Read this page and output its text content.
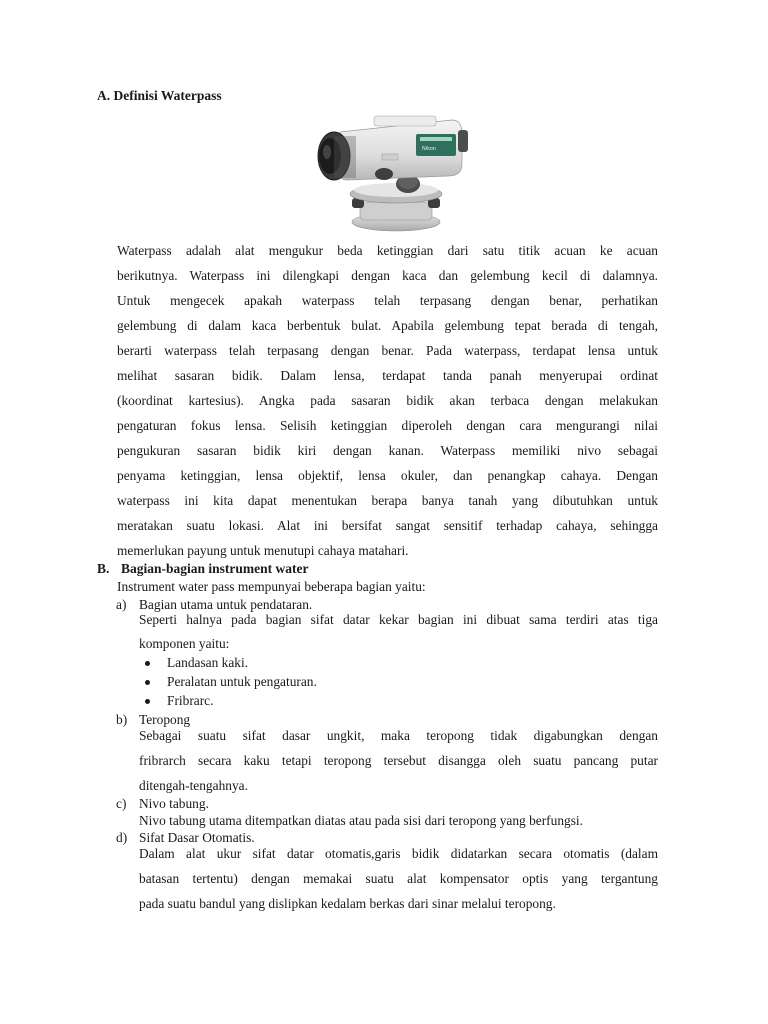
A. Definisi Waterpass
Nikon
Waterpass adalah alat mengukur beda ketinggian dari satu titik acuan ke acuan
berikutnya. Waterpass ini dilengkapi dengan kaca dan gelembung kecil di dalamnya.
Untuk mengecek apakah waterpass telah terpasang dengan benar, perhatikan
gelembung di dalam kaca berbentuk bulat. Apabila gelembung tepat berada di tengah,
berarti waterpass telah terpasang dengan benar. Pada waterpass, terdapat lensa untuk
melihat sasaran bidik. Dalam lensa, terdapat tanda panah menyerupai ordinat
(koordinat kartesius). Angka pada sasaran bidik akan terbaca dengan melakukan
pengaturan fokus lensa. Selisih ketinggian diperoleh dengan cara mengurangi nilai
pengukuran sasaran bidik kiri dengan kanan. Waterpass memiliki nivo sebagai
penyama ketinggian, lensa objektif, lensa okuler, dan penangkap cahaya. Dengan
waterpass ini kita dapat menentukan berapa banya tanah yang dibutuhkan untuk
meratakan suatu lokasi. Alat ini bersifat sangat sensitif terhadap cahaya, sehingga
memerlukan payung untuk menutupi cahaya matahari.
B. Bagian-bagian instrument water
Instrument water pass mempunyai beberapa bagian yaitu:
a) Bagian utama untuk pendataran.
Seperti halnya pada bagian sifat datar kekar bagian ini dibuat sama terdiri atas tiga
komponen yaitu:
Landasan kaki.
Peralatan untuk pengaturan.
Fribrarc.
b) Teropong
Sebagai suatu sifat dasar ungkit, maka teropong tidak digabungkan dengan
fribrarch secara kaku tetapi teropong tersebut disangga oleh suatu pancang putar
ditengah-tengahnya.
c) Nivo tabung.
Nivo tabung utama ditempatkan diatas atau pada sisi dari teropong yang berfungsi.
d) Sifat Dasar Otomatis.
Dalam alat ukur sifat datar otomatis,garis bidik didatarkan secara otomatis (dalam
batasan tertentu) dengan memakai suatu alat kompensator optis yang tergantung
pada suatu bandul yang dislipkan kedalam berkas dari sinar melalui teropong.
